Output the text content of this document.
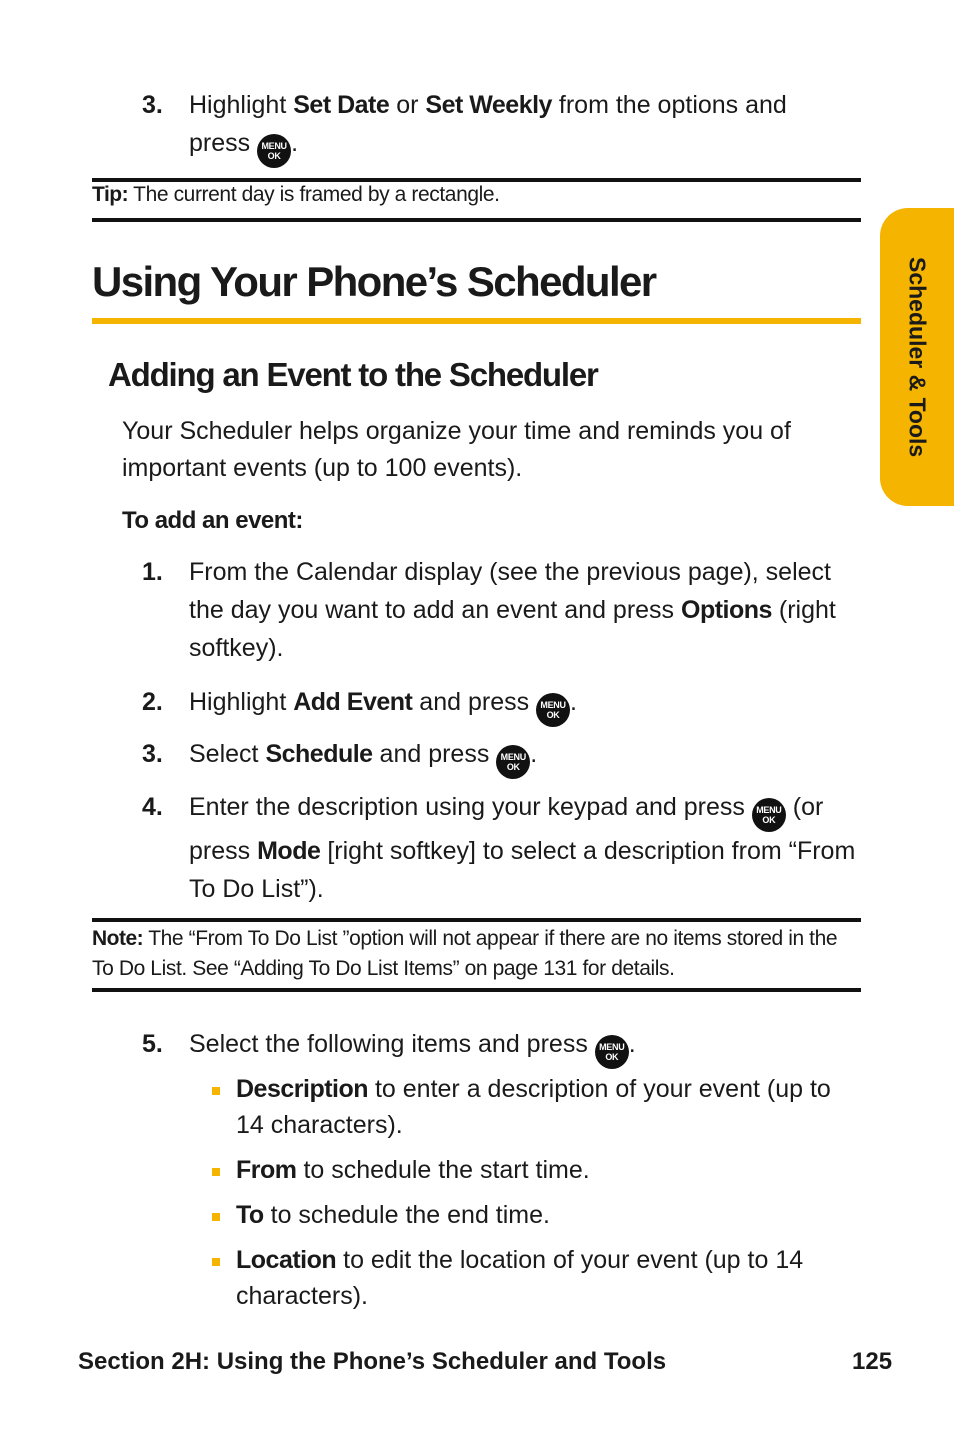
3. Highlight Set Date or Set Weekly from the options and press MENU
OK .
Tip: The current day is framed by a rectangle.
Using Your Phone’s Scheduler
Adding an Event to the Scheduler
Your Scheduler helps organize your time and reminds you of important events (up to 100 events).
To add an event:
1. From the Calendar display (see the previous page), select the day you want to add an event and press Options (right softkey).
2. Highlight Add Event and press MENU
OK .
3. Select Schedule and press MENU
OK .
4. Enter the description using your keypad and press MENU
OK (or press Mode [right softkey] to select a description from “From To Do List”).
Note: The “From To Do List ”option will not appear if there are no items stored in the To Do List. See “Adding To Do List Items” on page 131 for details.
5. Select the following items and press MENU
OK .
Description to enter a description of your event (up to 14 characters).
From to schedule the start time.
To to schedule the end time.
Location to edit the location of your event (up to 14 characters).
Scheduler & Tools
Section 2H: Using the Phone’s Scheduler and Tools	125
